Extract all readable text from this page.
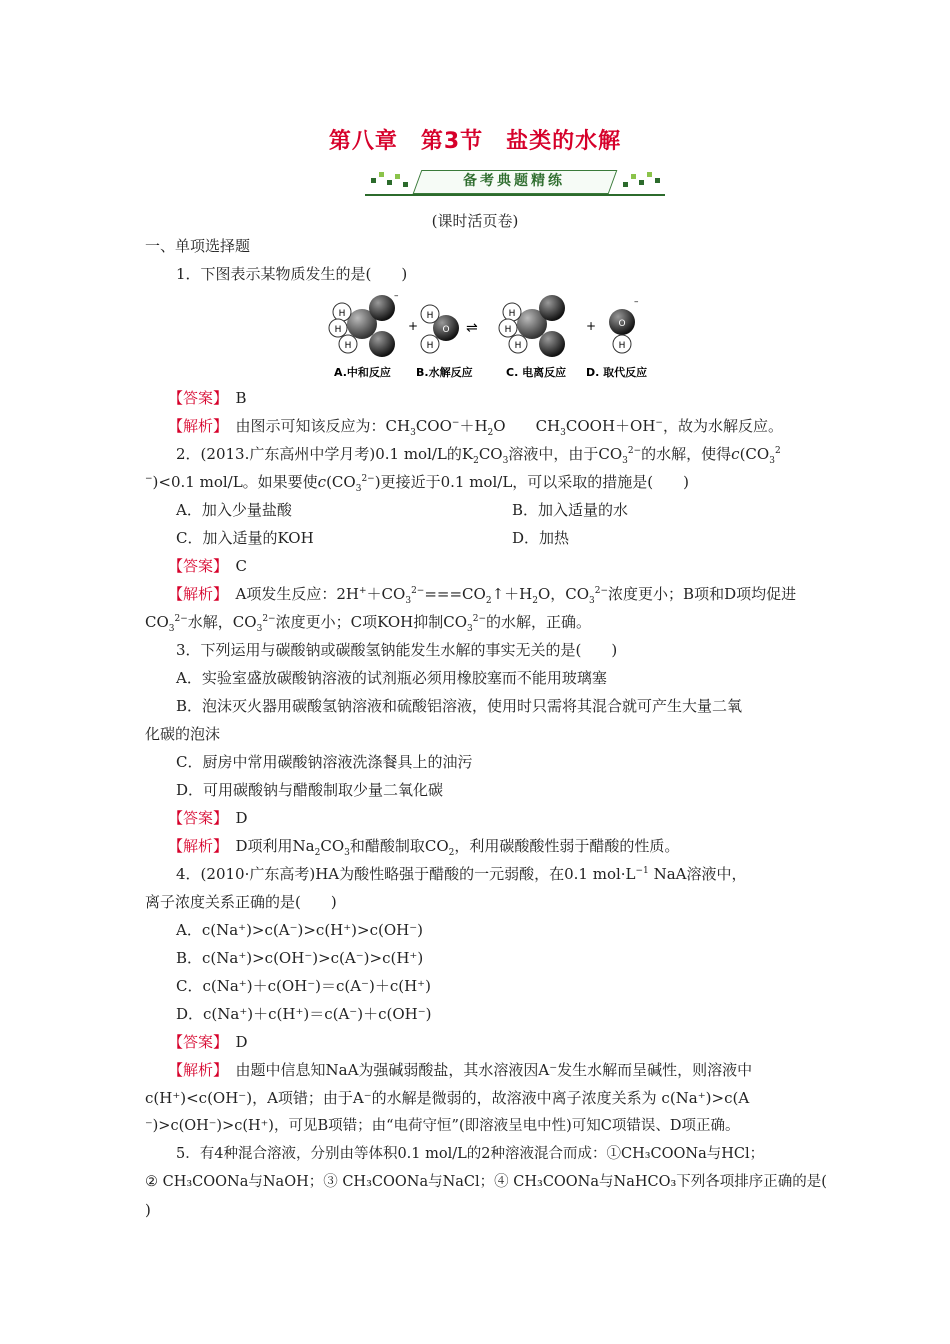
第八章　第3节　盐类的水解
备考典题精练
(课时活页卷)
一、单项选择题
1．下图表示某物质发生的是(　　)
H
H
H
–
+
H
H
O ⇌
H
H
H
+ O
H
–
A.中和反应 B.水解反应	C. 电离反应 D. 取代反应
【答案】　 B
【解析】　 由图示可知该反应为：$CH_3COO^-+H_2O$　　$CH_3COOH+OH^-$，故为水解反应。
2．(2013.广东高州中学月考)0.1 mol/L的$K_2CO_3$溶液中，由于$CO_3^{2-}$的水解，使得$c(CO_3^2$
−)<0.1 mol/L。如果要使$c(CO_3^{2-})$更接近于0.1 mol/L，可以采取的措施是(　　)
A．加入少量盐酸	B．加入适量的水
C．加入适量的KOH	D．加热
【答案】　 C
【解析】　 A项发生反应：$2H^++CO_3^{2-}===CO_2↑+H_2O$，$CO_3^{2-}$浓度更小；B项和D项均促进
$CO_3^{2-}$水解，$CO_3^{2-}$浓度更小；C项KOH抑制$CO_3^{2-}$的水解，正确。
3．下列运用与碳酸钠或碳酸氢钠能发生水解的事实无关的是(　　)
A．实验室盛放碳酸钠溶液的试剂瓶必须用橡胶塞而不能用玻璃塞
B．泡沫灭火器用碳酸氢钠溶液和硫酸铝溶液，使用时只需将其混合就可产生大量二氧
化碳的泡沫
C．厨房中常用碳酸钠溶液洗涤餐具上的油污
D．可用碳酸钠与醋酸制取少量二氧化碳
【答案】　 D
【解析】　 D项利用$Na_2CO_3$和醋酸制取$CO_2$，利用碳酸酸性弱于醋酸的性质。
4．(2010·广东高考)HA为酸性略强于醋酸的一元弱酸，在0.1 $mol\cdot L^{-1}$ NaA溶液中，
离子浓度关系正确的是(　　)
A．c(Na⁺)>c(A⁻)>c(H⁺)>c(OH⁻)
B．c(Na⁺)>c(OH⁻)>c(A⁻)>c(H⁺)
C．c(Na⁺)＋c(OH⁻)＝c(A⁻)＋c(H⁺)
D．c(Na⁺)＋c(H⁺)＝c(A⁻)＋c(OH⁻)
【答案】　 D
【解析】　 由题中信息知NaA为强碱弱酸盐，其水溶液因A⁻发生水解而呈碱性，则溶液中
c(H⁺)<c(OH⁻)，A项错；由于A⁻的水解是微弱的，故溶液中离子浓度关系为 c(Na⁺)>c(A
⁻)>c(OH⁻)>c(H⁺)，可见B项错；由“电荷守恒”(即溶液呈电中性)可知C项错误、D项正确。
5．有4种混合溶液，分别由等体积0.1 mol/L的2种溶液混合而成：①CH₃COONa与HCl；
② CH₃COONa与NaOH；③ CH₃COONa与NaCl；④ CH₃COONa与NaHCO₃下列各项排序正确的是(
)
